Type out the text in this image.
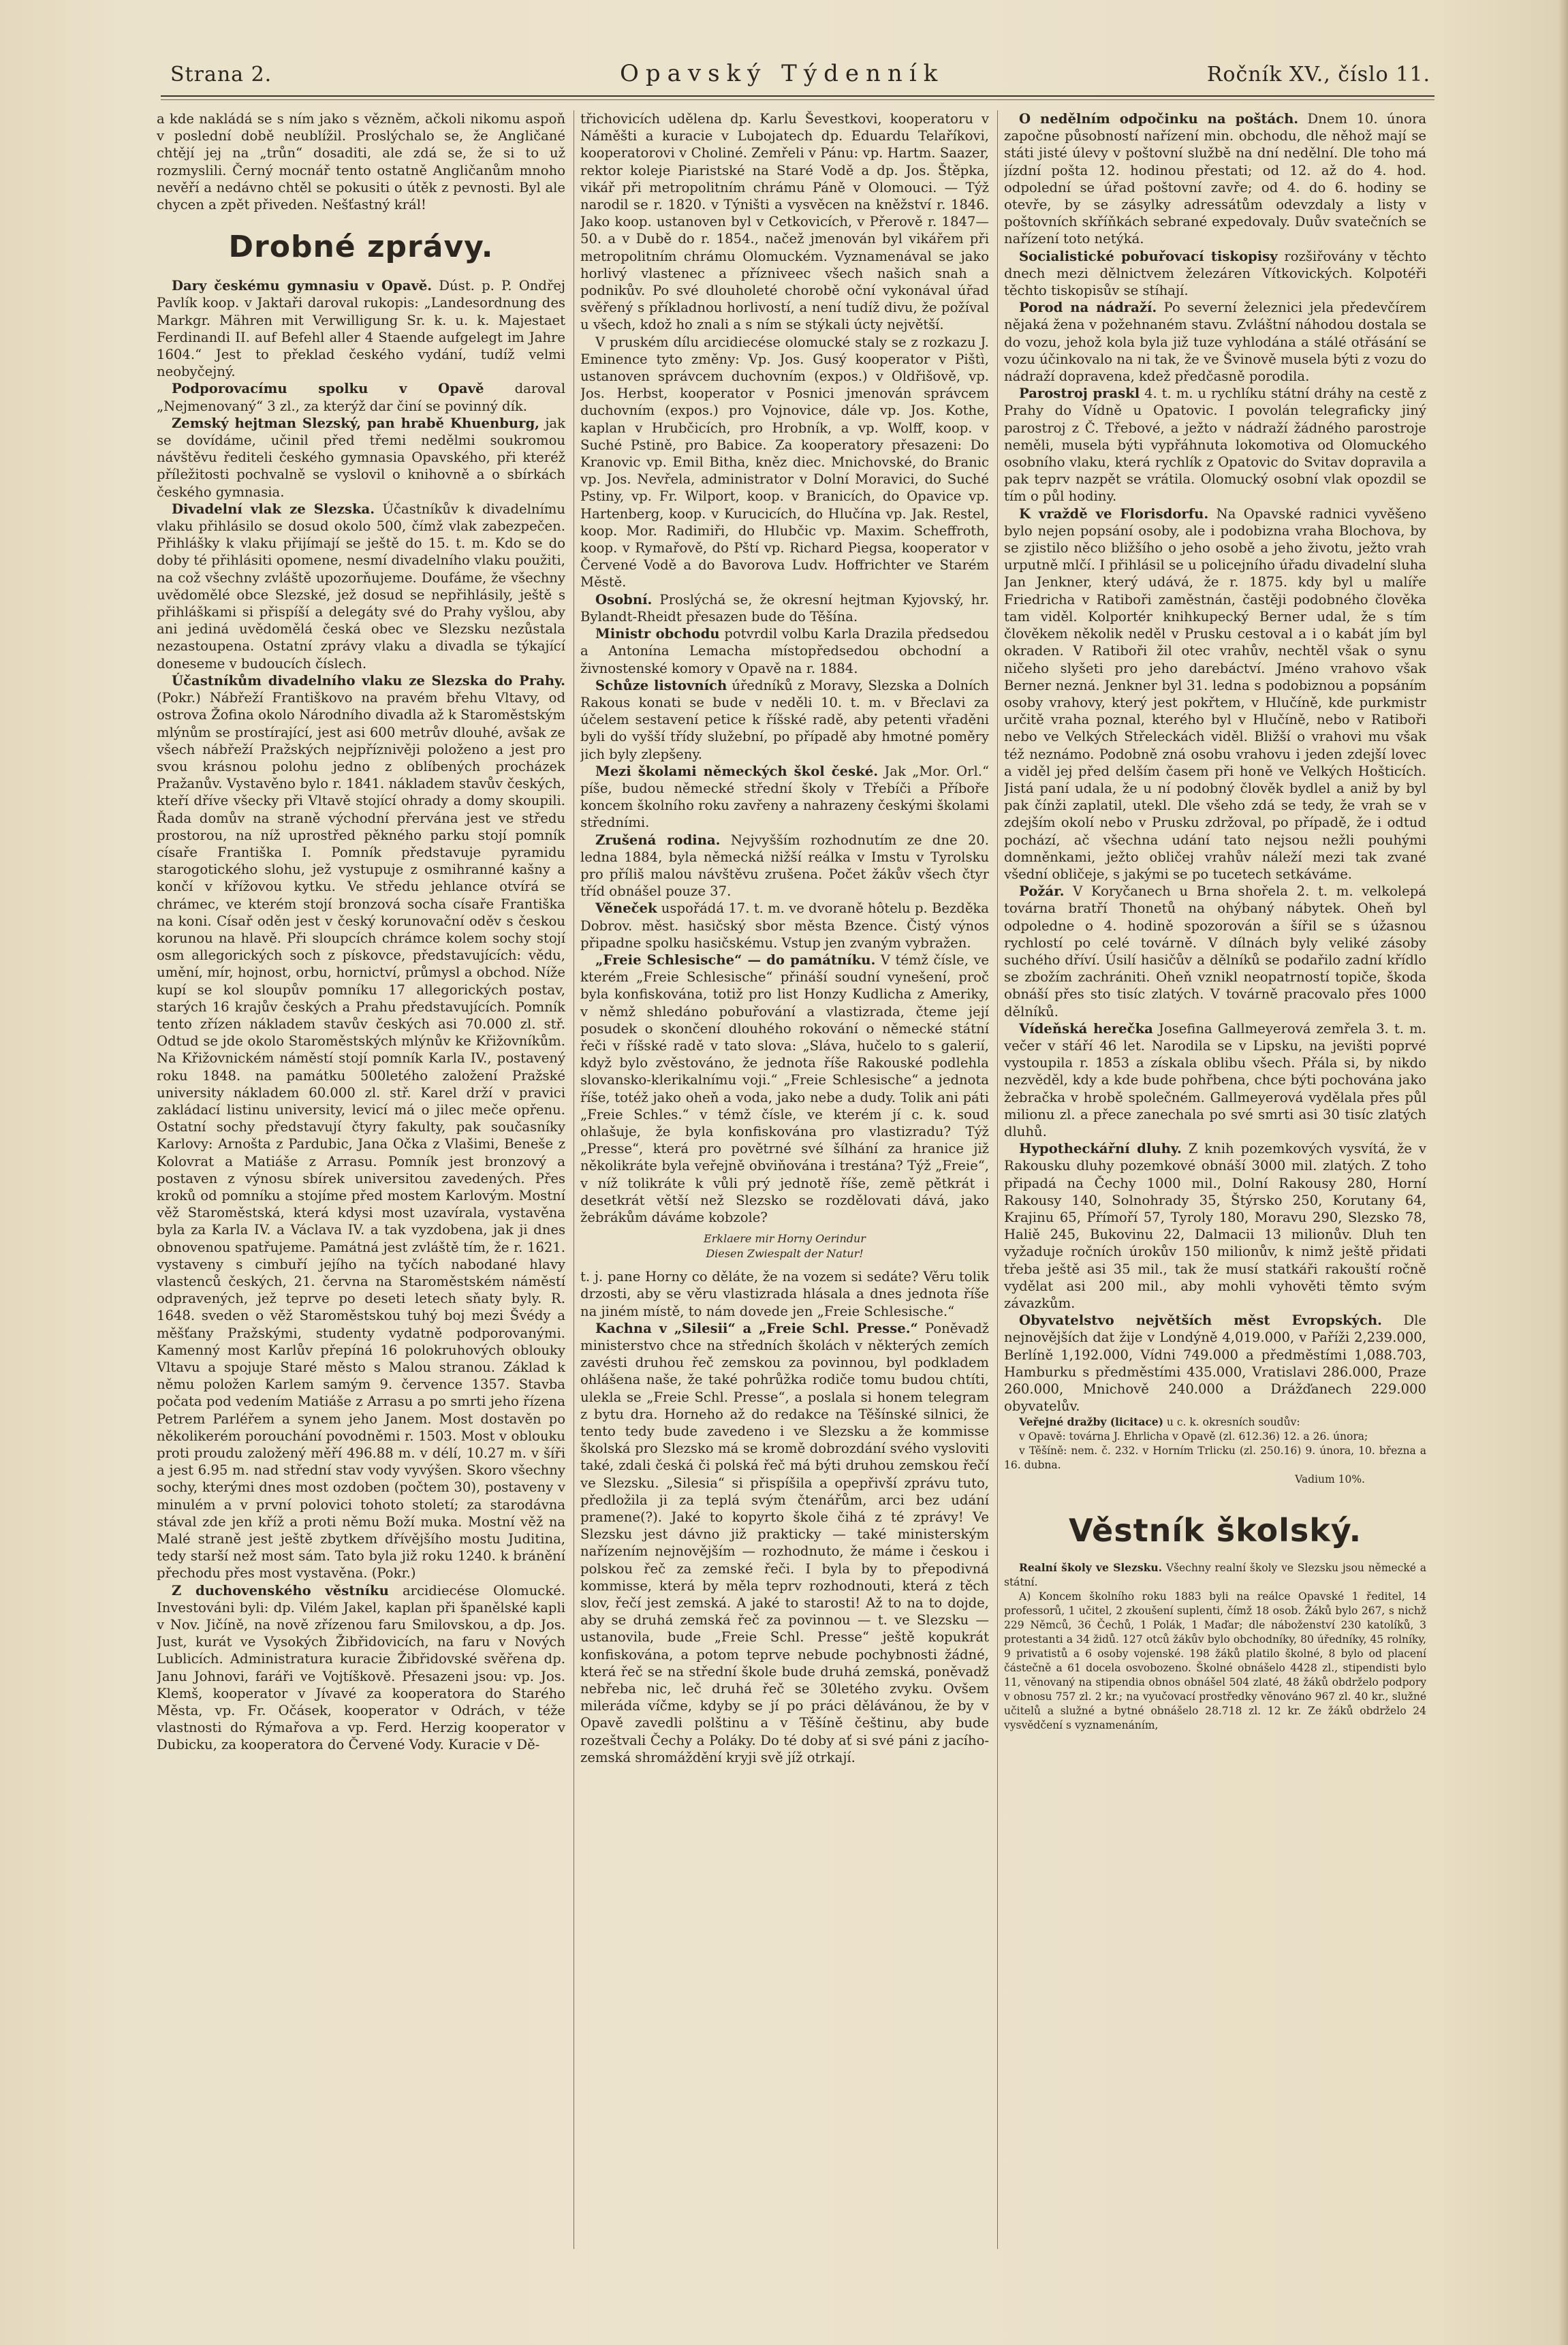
Strana 2.	Opavský Týdenník	Ročník XV., číslo 11.

a kde nakládá se s ním jako s vězněm, ačkoli nikomu aspoň v poslední době neublížil. Proslýchalo se, že Angličané chtějí jej na „trůn“ dosaditi, ale zdá se, že si to už rozmyslili. Černý mocnář tento ostatně Angličanům mnoho nevěří a nedávno chtěl se pokusiti o útěk z pevnosti. Byl ale chycen a zpět přiveden. Nešťastný král!

Drobné zprávy.

Dary českému gymnasiu v Opavě. Dúst. p. P. Ondřej Pavlík koop. v Jaktaři daroval rukopis: „Landesordnung des Markgr. Mähren mit Verwilligung Sr. k. u. k. Majestaet Ferdinandi II. auf Befehl aller 4 Staende aufgelegt im Jahre 1604.“ Jest to překlad českého vydání, tudíž velmi neobyčejný.

Podporovacímu spolku v Opavě daroval „Nejmenovaný“ 3 zl., za kterýž dar činí se povinný dík.

Zemský hejtman Slezský, pan hrabě Khuenburg, jak se dovídáme, učinil před třemi nedělmi soukromou návštěvu řediteli českého gymnasia Opavského, při kteréž příležitosti pochvalně se vyslovil o knihovně a o sbírkách českého gymnasia.

Divadelní vlak ze Slezska. Účastníkův k divadelnímu vlaku přihlásilo se dosud okolo 500, čímž vlak zabezpečen. Přihlášky k vlaku přijímají se ještě do 15. t. m. Kdo se do doby té přihlásiti opomene, nesmí divadelního vlaku použiti, na což všechny zvláště upozorňujeme. Doufáme, že všechny uvědomělé obce Slezské, jež dosud se nepřihlásily, ještě s přihláškami si přispíší a delegáty své do Prahy vyšlou, aby ani jediná uvědomělá česká obec ve Slezsku nezůstala nezastoupena. Ostatní zprávy vlaku a divadla se týkající doneseme v budoucích číslech.

Účastníkům divadelního vlaku ze Slezska do Prahy. (Pokr.) Nábřeží Františkovo na pravém břehu Vltavy, od ostrova Žofina okolo Národního divadla až k Staroměstským mlýnům se prostírající, jest asi 600 metrův dlouhé, avšak ze všech nábřeží Pražských nejpříznivěji položeno a jest pro svou krásnou polohu jedno z oblíbených procházek Pražanův. Vystavěno bylo r. 1841. nákladem stavův českých, kteří dříve všecky při Vltavě stojící ohrady a domy skoupili. Řada domův na straně východní přervána jest ve středu prostorou, na níž uprostřed pěkného parku stojí pomník císaře Františka I. Pomník představuje pyramidu starogotického slohu, jež vystupuje z osmihranné kašny a končí v křížovou kytku. Ve středu jehlance otvírá se chrámec, ve kterém stojí bronzová socha císaře Františka na koni. Císař oděn jest v český korunovační oděv s českou korunou na hlavě. Při sloupcích chrámce kolem sochy stojí osm allegorických soch z pískovce, představujících: vědu, umění, mír, hojnost, orbu, hornictví, průmysl a obchod. Níže kupí se kol sloupův pomníku 17 allegorických postav, starých 16 krajův českých a Prahu představujících. Pomník tento zřízen nákladem stavův českých asi 70.000 zl. stř. Odtud se jde okolo Staroměstských mlýnův ke Křižovníkům. Na Křižovnickém náměstí stojí pomník Karla IV., postavený roku 1848. na památku 500letého založení Pražské university nákladem 60.000 zl. stř. Karel drží v pravici zakládací listinu university, levicí má o jilec meče opřenu. Ostatní sochy představují čtyry fakulty, pak současníky Karlovy: Arnošta z Pardubic, Jana Očka z Vlašimi, Beneše z Kolovrat a Matiáše z Arrasu. Pomník jest bronzový a postaven z výnosu sbírek universitou zavedených. Přes kroků od pomníku a stojíme před mostem Karlovým. Mostní věž Staroměstská, která kdysi most uzavírala, vystavěna byla za Karla IV. a Václava IV. a tak vyzdobena, jak ji dnes obnovenou spatřujeme. Památná jest zvláště tím, že r. 1621. vystaveny s cimbuří jejího na tyčích nabodané hlavy vlastenců českých, 21. června na Staroměstském náměstí odpravených, jež teprve po deseti letech sňaty byly. R. 1648. sveden o věž Staroměstskou tuhý boj mezi Švédy a měšťany Pražskými, studenty vydatně podporovanými. Kamenný most Karlův přepíná 16 polokruhových oblouky Vltavu a spojuje Staré město s Malou stranou. Základ k němu položen Karlem samým 9. července 1357. Stavba počata pod vedením Matiáše z Arrasu a po smrti jeho řízena Petrem Parléřem a synem jeho Janem. Most dostavěn po několikerém porouchání povodněmi r. 1503. Most v oblouku proti proudu založený měří 496.88 m. v délí, 10.27 m. v šíři a jest 6.95 m. nad střední stav vody vyvýšen. Skoro všechny sochy, kterými dnes most ozdoben (počtem 30), postaveny v minulém a v první polovici tohoto století; za starodávna stával zde jen kříž a proti němu Boží muka. Mostní věž na Malé straně jest ještě zbytkem dřívějšího mostu Juditina, tedy starší než most sám. Tato byla již roku 1240. k bránění přechodu přes most vystavěna. (Pokr.)

Z duchovenského věstníku arcidiecése Olomucké. Investováni byli: dp. Vilém Jakel, kaplan při španělské kapli v Nov. Jičíně, na nově zřízenou faru Smilovskou, a dp. Jos. Just, kurát ve Vysokých Žibřidovicích, na faru v Nových Lublicích. Administratura kuracie Žibřidovské svěřena dp. Janu Johnovi, faráři ve Vojtíškově. Přesazeni jsou: vp. Jos. Klemš, kooperator v Jívavé za kooperatora do Starého Města, vp. Fr. Očásek, kooperator v Odrách, v téže vlastnosti do Rýmařova a vp. Ferd. Herzig kooperator v Dubicku, za kooperatora do Červené Vody. Kuracie v Dě-

třichovicích udělena dp. Karlu Ševestkovi, kooperatoru v Náměšti a kuracie v Lubojatech dp. Eduardu Telaříkovi, kooperatorovi v Choliné. Zemřeli v Pánu: vp. Hartm. Saazer, rektor koleje Piaristské na Staré Vodě a dp. Jos. Štěpka, vikář při metropolitním chrámu Páně v Olomouci. — Týž narodil se r. 1820. v Týništi a vysvěcen na kněžství r. 1846. Jako koop. ustanoven byl v Cetkovicích, v Přerově r. 1847—50. a v Dubě do r. 1854., načež jmenován byl vikářem při metropolitním chrámu Olomuckém. Vyznamenával se jako horlivý vlastenec a přízniveec všech našich snah a podnikův. Po své dlouholeté chorobě oční vykonával úřad svěřený s příkladnou horlivostí, a není tudíž divu, že požíval u všech, kdož ho znali a s ním se stýkali úcty největší.

V pruském dílu arcidiecése olomucké staly se z rozkazu J. Eminence tyto změny: Vp. Jos. Gusý kooperator v Pištì, ustanoven správcem duchovním (expos.) v Oldřišově, vp. Jos. Herbst, kooperator v Posnici jmenován správcem duchovním (expos.) pro Vojnovice, dále vp. Jos. Kothe, kaplan v Hrubčicích, pro Hrobník, a vp. Wolff, koop. v Suché Pstině, pro Babice. Za kooperatory přesazeni: Do Kranovic vp. Emil Bitha, kněz diec. Mnichovské, do Branic vp. Jos. Nevřela, administrator v Dolní Moravici, do Suché Pstiny, vp. Fr. Wilport, koop. v Branicích, do Opavice vp. Hartenberg, koop. v Kurucicích, do Hlučína vp. Jak. Restel, koop. Mor. Radimiři, do Hlubčic vp. Maxim. Scheffroth, koop. v Rymařově, do Pští vp. Richard Piegsa, kooperator v Červené Vodě a do Bavorova Ludv. Hoffrichter ve Starém Městě.

Osobní. Proslýchá se, že okresní hejtman Kyjovský, hr. Bylandt-Rheidt přesazen bude do Těšína.

Ministr obchodu potvrdil volbu Karla Drazila předsedou a Antonína Lemacha místopředsedou obchodní a živnostenské komory v Opavě na r. 1884.

Schůze listovních úředníků z Moravy, Slezska a Dolních Rakous konati se bude v neděli 10. t. m. v Břeclavi za účelem sestavení petice k říšské radě, aby petenti vřaděni byli do vyšší třídy služební, po případě aby hmotné poměry jich byly zlepšeny.

Mezi školami německých škol české. Jak „Mor. Orl.“ píše, budou německé střední školy v Třebíči a Příboře koncem školního roku zavřeny a nahrazeny českými školami středními.

Zrušená rodina. Nejvyšším rozhodnutím ze dne 20. ledna 1884, byla německá nižší reálka v Imstu v Tyrolsku pro příliš malou návštěvu zrušena. Počet žákův všech čtyr tříd obnášel pouze 37.

Věneček uspořádá 17. t. m. ve dvoraně hôtelu p. Bezděka Dobrov. měst. hasičský sbor města Bzence. Čistý výnos připadne spolku hasičskému. Vstup jen zvaným vybražen.

„Freie Schlesische“ — do památníku. V témž čísle, ve kterém „Freie Schlesische“ přináší soudní vynešení, proč byla konfiskována, totiž pro list Honzy Kudlicha z Ameriky, v němž shledáno pobuřování a vlastizrada, čteme její posudek o skončení dlouhého rokování o německé státní řeči v říšské radě v tato slova: „Sláva, hučelo to s galerií, když bylo zvěstováno, že jednota říše Rakouské podlehla slovansko-klerikalnímu voji.“ „Freie Schlesische“ a jednota říše, totéž jako oheň a voda, jako nebe a dudy. Tolik ani páti „Freie Schles.“ v témž čísle, ve kterém jí c. k. soud ohlašuje, že byla konfiskována pro vlastizradu? Týž „Presse“, která pro povětrné své šílhání za hranice již několikráte byla veřejně obviňována i trestána? Týž „Freie“, v níž tolikráte k vůli prý jednotě říše, země pětkrát i desetkrát větší než Slezsko se rozdělovati dává, jako žebrákům dáváme kobzole?

Erklaere mir Horny Oerindur
Diesen Zwiespalt der Natur!

t. j. pane Horny co děláte, že na vozem si sedáte? Věru tolik drzosti, aby se věru vlastizrada hlásala a dnes jednota říše na jiném místě, to nám dovede jen „Freie Schlesische.“

Kachna v „Silesii“ a „Freie Schl. Presse.“ Poněvadž ministerstvo chce na středních školách v některých zemích zavésti druhou řeč zemskou za povinnou, byl podkladem ohlášena naše, že také pohrůžka rodiče tomu budou chtíti, ulekla se „Freie Schl. Presse“, a poslala si honem telegram z bytu dra. Horneho až do redakce na Těšínské silnici, že tento tedy bude zavedeno i ve Slezsku a že kommisse školská pro Slezsko má se kromě dobrozdání svého vysloviti také, zdali česká či polská řeč má býti druhou zemskou řečí ve Slezsku. „Silesia“ si přispíšila a opepřivší zprávu tuto, předložila ji za teplá svým čtenářům, arci bez udání pramene(?). Jaké to kopyrto škole čihá z té zprávy! Ve Slezsku jest dávno již prakticky — také ministerským nařízením nejnovějším — rozhodnuto, že máme i českou i polskou řeč za zemské řeči. I byla by to přepodivná kommisse, která by měla teprv rozhodnouti, která z těch slov, řečí jest zemská. A jaké to starosti! Až to na to dojde, aby se druhá zemská řeč za povinnou — t. ve Slezsku — ustanovila, bude „Freie Schl. Presse“ ještě kopukrát konfiskována, a potom teprve nebude pochybnosti žádné, která řeč se na střední škole bude druhá zemská, poněvadž nebřeba nic, leč druhá řeč se 30letého zvyku. Ovšem mileráda víčme, kdyby se jí po práci dělávánou, že by v Opavě zavedli polštinu a v Těšíně češtinu, aby bude rozeštvali Čechy a Poláky. Do té doby ať si své páni z jacího-zemská shromáždění kryji svě jíž otrkají.

O nedělním odpočinku na poštách. Dnem 10. února započne působností nařízení min. obchodu, dle něhož mají se státi jisté úlevy v poštovní službě na dní nedělní. Dle toho má jízdní pošta 12. hodinou přestati; od 12. až do 4. hod. odpolední se úřad poštovní zavře; od 4. do 6. hodiny se otevře, by se zásylky adressátům odevzdaly a listy v poštovních skříňkách sebrané expedovaly. Duův svatečních se nařízení toto netýká.

Socialistické pobuřovací tiskopisy rozšiřovány v těchto dnech mezi dělnictvem železáren Vítkovických. Kolpotéři těchto tiskopisův se stíhají.

Porod na nádraží. Po severní železnici jela předevčírem nějaká žena v požehnaném stavu. Zvláštní náhodou dostala se do vozu, jehož kola byla již tuze vyhlodána a stálé otřásání se vozu účinkovalo na ni tak, že ve Švinově musela býti z vozu do nádraží dopravena, kdež předčasně porodila.

Parostroj praskl 4. t. m. u rychlíku státní dráhy na cestě z Prahy do Vídně u Opatovic. I povolán telegraficky jiný parostroj z Č. Třebové, a ježto v nádraží žádného parostroje neměli, musela býti vypřáhnuta lokomotiva od Olomuckého osobního vlaku, která rychlík z Opatovic do Svitav dopravila a pak teprv nazpět se vrátila. Olomucký osobní vlak opozdil se tím o půl hodiny.

K vraždě ve Florisdorfu. Na Opavské radnici vyvěšeno bylo nejen popsání osoby, ale i podobizna vraha Blochova, by se zjistilo něco bližšího o jeho osobě a jeho životu, ježto vrah urputně mlčí. I přihlásil se u policejního úřadu divadelní sluha Jan Jenkner, který udává, že r. 1875. kdy byl u malíře Friedricha v Ratiboři zaměstnán, častěji podobného člověka tam viděl. Kolportér knihkupecký Berner udal, že s tím člověkem několik neděl v Prusku cestoval a i o kabát jím byl okraden. V Ratiboři žil otec vrahův, nechtěl však o synu ničeho slyšeti pro jeho darebáctví. Jméno vrahovo však Berner nezná. Jenkner byl 31. ledna s podobiznou a popsáním osoby vrahovy, který jest pokřtem, v Hlučíně, kde purkmistr určitě vraha poznal, kterého byl v Hlučíně, nebo v Ratiboři nebo ve Velkých Střeleckách viděl. Bližší o vrahovi mu však též neznámo. Podobně zná osobu vrahovu i jeden zdejší lovec a viděl jej před delším časem při honě ve Velkých Hošticích. Jistá paní udala, že u ní podobný člověk bydlel a aniž by byl pak čínži zaplatil, utekl. Dle všeho zdá se tedy, že vrah se v zdejším okolí nebo v Prusku zdržoval, po případě, že i odtud pochází, ač všechna udání tato nejsou nežli pouhými domněnkami, ježto obličej vrahův náleží mezi tak zvané všední obličeje, s jakými se po tucetech setkáváme.

Požár. V Koryčanech u Brna shořela 2. t. m. velkolepá továrna bratří Thonetů na ohýbaný nábytek. Oheň byl odpoledne o 4. hodině spozorován a šířil se s úžasnou rychlostí po celé továrně. V dílnách byly veliké zásoby suchého dříví. Úsilí hasičův a dělníků se podařilo zadní křídlo se zbožím zachrániti. Oheň vznikl neopatrností topiče, škoda obnáší přes sto tisíc zlatých. V továrně pracovalo přes 1000 dělníků.

Vídeňská herečka Josefina Gallmeyerová zemřela 3. t. m. večer v stáří 46 let. Narodila se v Lipsku, na jevišti poprvé vystoupila r. 1853 a získala oblibu všech. Přála si, by nikdo nezvěděl, kdy a kde bude pohřbena, chce býti pochována jako žebračka v hrobě společném. Gallmeyerová vydělala přes půl milionu zl. a přece zanechala po své smrti asi 30 tisíc zlatých dluhů.

Hypotheckářní dluhy. Z knih pozemkových vysvítá, že v Rakousku dluhy pozemkové obnáší 3000 mil. zlatých. Z toho připadá na Čechy 1000 mil., Dolní Rakousy 280, Horní Rakousy 140, Solnohrady 35, Štýrsko 250, Korutany 64, Krajinu 65, Přímoří 57, Tyroly 180, Moravu 290, Slezsko 78, Haliě 245, Bukovinu 22, Dalmacii 13 milionův. Dluh ten vyžaduje ročních úrokův 150 milionův, k nimž ještě přidati třeba ještě asi 35 mil., tak že musí statkáři rakouští ročně vydělat asi 200 mil., aby mohli vyhověti těmto svým závazkům.

Obyvatelstvo největších měst Evropských. Dle nejnovějších dat žije v Londýně 4,019.000, v Paříži 2,239.000, Berlíně 1,192.000, Vídni 749.000 a předměstími 1,088.703, Hamburku s předměstími 435.000, Vratislavi 286.000, Praze 260.000, Mnichově 240.000 a Drážďanech 229.000 obyvatelův.

Veřejné dražby (licitace) u c. k. okresních soudův:

v Opavě: továrna J. Ehrlicha v Opavě (zl. 612.36) 12. a 26. února;

v Těšíně: nem. č. 232. v Horním Trlicku (zl. 250.16) 9. února, 10. března a 16. dubna.

Vadium 10%.

Věstník školský.

Realní školy ve Slezsku. Všechny realní školy ve Slezsku jsou německé a státní.

A) Koncem školního roku 1883 byli na reálce Opavské 1 ředitel, 14 professorů, 1 učitel, 2 zkoušení suplenti, čímž 18 osob. Žáků bylo 267, s nichž 229 Němců, 36 Čechů, 1 Polák, 1 Maďar; dle náboženství 230 katolíků, 3 protestanti a 34 židů. 127 otců žákův bylo obchodníky, 80 úředníky, 45 rolníky, 9 privatistů a 6 osoby vojenské. 198 žáků platilo školné, 8 bylo od placení částečně a 61 docela osvobozeno. Školné obnášelo 4428 zl., stipendisti bylo 11, věnovaný na stipendia obnos obnášel 504 zlaté, 48 žáků obdrželo podpory v obnosu 757 zl. 2 kr.; na vyučovací prostředky věnováno 967 zl. 40 kr., služné učitelů a služné a bytné obnášelo 28.718 zl. 12 kr. Ze žáků obdrželo 24 vysvědčení s vyznamenáním,
